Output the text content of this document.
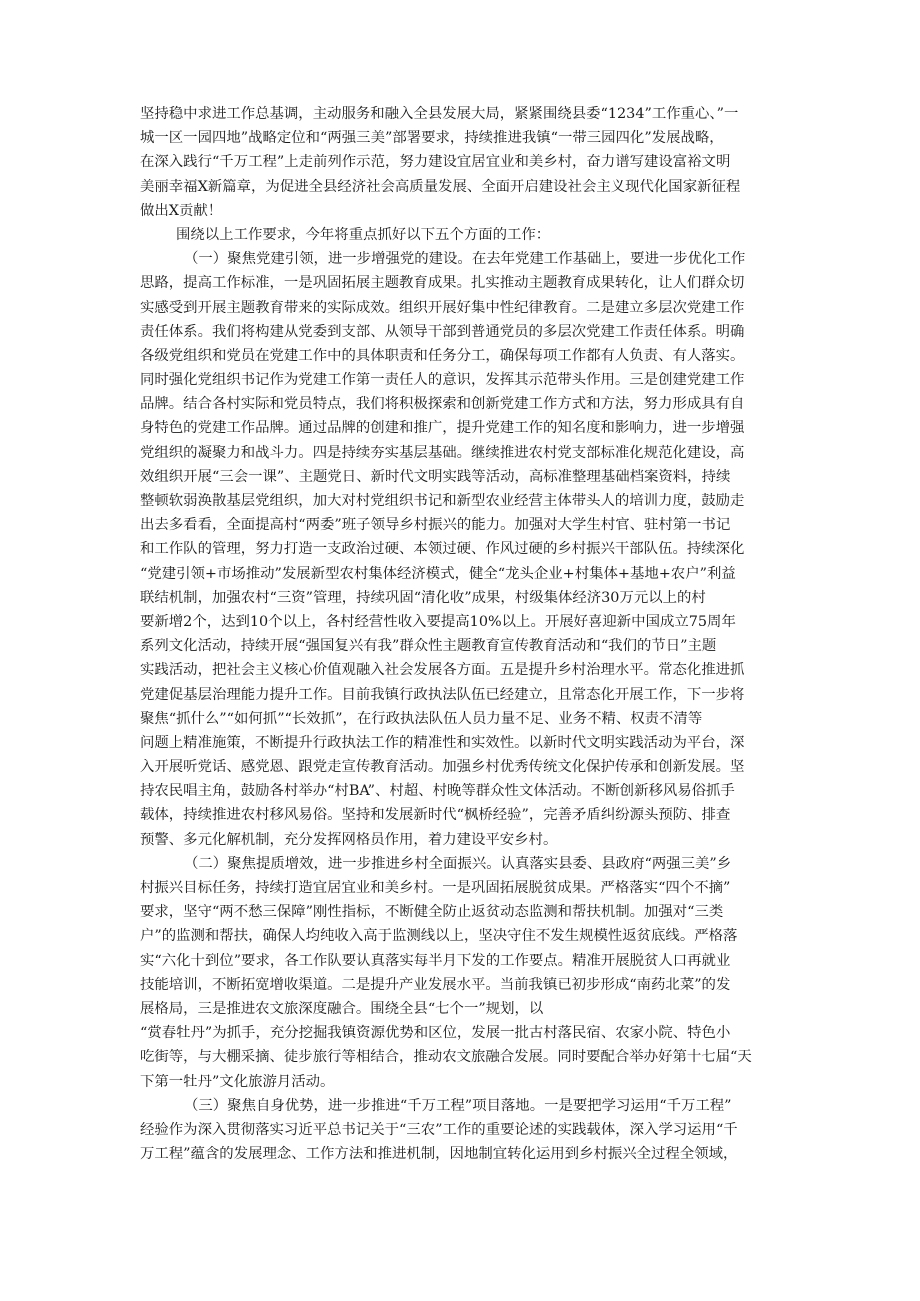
坚持稳中求进工作总基调，主动服务和融入全县发展大局，紧紧围绕县委“1234”工作重心、”一
城一区一园四地”战略定位和“两强三美”部署要求，持续推进我镇“一带三园四化”发展战略，
在深入践行“千万工程”上走前列作示范，努力建设宜居宜业和美乡村，奋力谱写建设富裕文明
美丽幸福X新篇章，为促进全县经济社会高质量发展、全面开启建设社会主义现代化国家新征程
做出X贡献！
围绕以上工作要求，今年将重点抓好以下五个方面的工作：
（一）聚焦党建引领，进一步增强党的建设。在去年党建工作基础上，要进一步优化工作
思路，提高工作标准，一是巩固拓展主题教育成果。扎实推动主题教育成果转化，让人们群众切
实感受到开展主题教育带来的实际成效。组织开展好集中性纪律教育。二是建立多层次党建工作
责任体系。我们将构建从党委到支部、从领导干部到普通党员的多层次党建工作责任体系。明确
各级党组织和党员在党建工作中的具体职责和任务分工，确保每项工作都有人负责、有人落实。
同时强化党组织书记作为党建工作第一责任人的意识，发挥其示范带头作用。三是创建党建工作
品牌。结合各村实际和党员特点，我们将积极探索和创新党建工作方式和方法，努力形成具有自
身特色的党建工作品牌。通过品牌的创建和推广，提升党建工作的知名度和影响力，进一步增强
党组织的凝聚力和战斗力。四是持续夯实基层基础。继续推进农村党支部标准化规范化建设，高
效组织开展“三会一课”、主题党日、新时代文明实践等活动，高标准整理基础档案资料，持续
整顿软弱涣散基层党组织，加大对村党组织书记和新型农业经营主体带头人的培训力度，鼓励走
出去多看看，全面提高村“两委”班子领导乡村振兴的能力。加强对大学生村官、驻村第一书记
和工作队的管理，努力打造一支政治过硬、本领过硬、作风过硬的乡村振兴干部队伍。持续深化
“党建引领+市场推动”发展新型农村集体经济模式，健全“龙头企业+村集体+基地+农户”利益
联结机制，加强农村“三资”管理，持续巩固“清化收”成果，村级集体经济30万元以上的村
要新增2个，达到10个以上，各村经营性收入要提高10%以上。开展好喜迎新中国成立75周年
系列文化活动，持续开展“强国复兴有我”群众性主题教育宣传教育活动和“我们的节日”主题
实践活动，把社会主义核心价值观融入社会发展各方面。五是提升乡村治理水平。常态化推进抓
党建促基层治理能力提升工作。目前我镇行政执法队伍已经建立，且常态化开展工作，下一步将
聚焦“抓什么”“如何抓”“长效抓”，在行政执法队伍人员力量不足、业务不精、权责不清等
问题上精准施策，不断提升行政执法工作的精准性和实效性。以新时代文明实践活动为平台，深
入开展听党话、感党恩、跟党走宣传教育活动。加强乡村优秀传统文化保护传承和创新发展。坚
持农民唱主角，鼓励各村举办“村BA”、村超、村晚等群众性文体活动。不断创新移风易俗抓手
载体，持续推进农村移风易俗。坚持和发展新时代“枫桥经验”，完善矛盾纠纷源头预防、排查
预警、多元化解机制，充分发挥网格员作用，着力建设平安乡村。
（二）聚焦提质增效，进一步推进乡村全面振兴。认真落实县委、县政府“两强三美”乡
村振兴目标任务，持续打造宜居宜业和美乡村。一是巩固拓展脱贫成果。严格落实“四个不摘”
要求，坚守“两不愁三保障”刚性指标，不断健全防止返贫动态监测和帮扶机制。加强对“三类
户”的监测和帮扶，确保人均纯收入高于监测线以上，坚决守住不发生规模性返贫底线。严格落
实“六化十到位”要求，各工作队要认真落实每半月下发的工作要点。精准开展脱贫人口再就业
技能培训，不断拓宽增收渠道。二是提升产业发展水平。当前我镇已初步形成“南药北菜”的发
展格局，三是推进农文旅深度融合。围绕全县“七个一”规划，以
“赏春牡丹”为抓手，充分挖掘我镇资源优势和区位，发展一批古村落民宿、农家小院、特色小
吃街等，与大棚采摘、徒步旅行等相结合，推动农文旅融合发展。同时要配合举办好第十七届“天
下第一牡丹”文化旅游月活动。
（三）聚焦自身优势，进一步推进“千万工程”项目落地。一是要把学习运用“千万工程”
经验作为深入贯彻落实习近平总书记关于“三农”工作的重要论述的实践载体，深入学习运用“千
万工程”蕴含的发展理念、工作方法和推进机制，因地制宜转化运用到乡村振兴全过程全领域，
